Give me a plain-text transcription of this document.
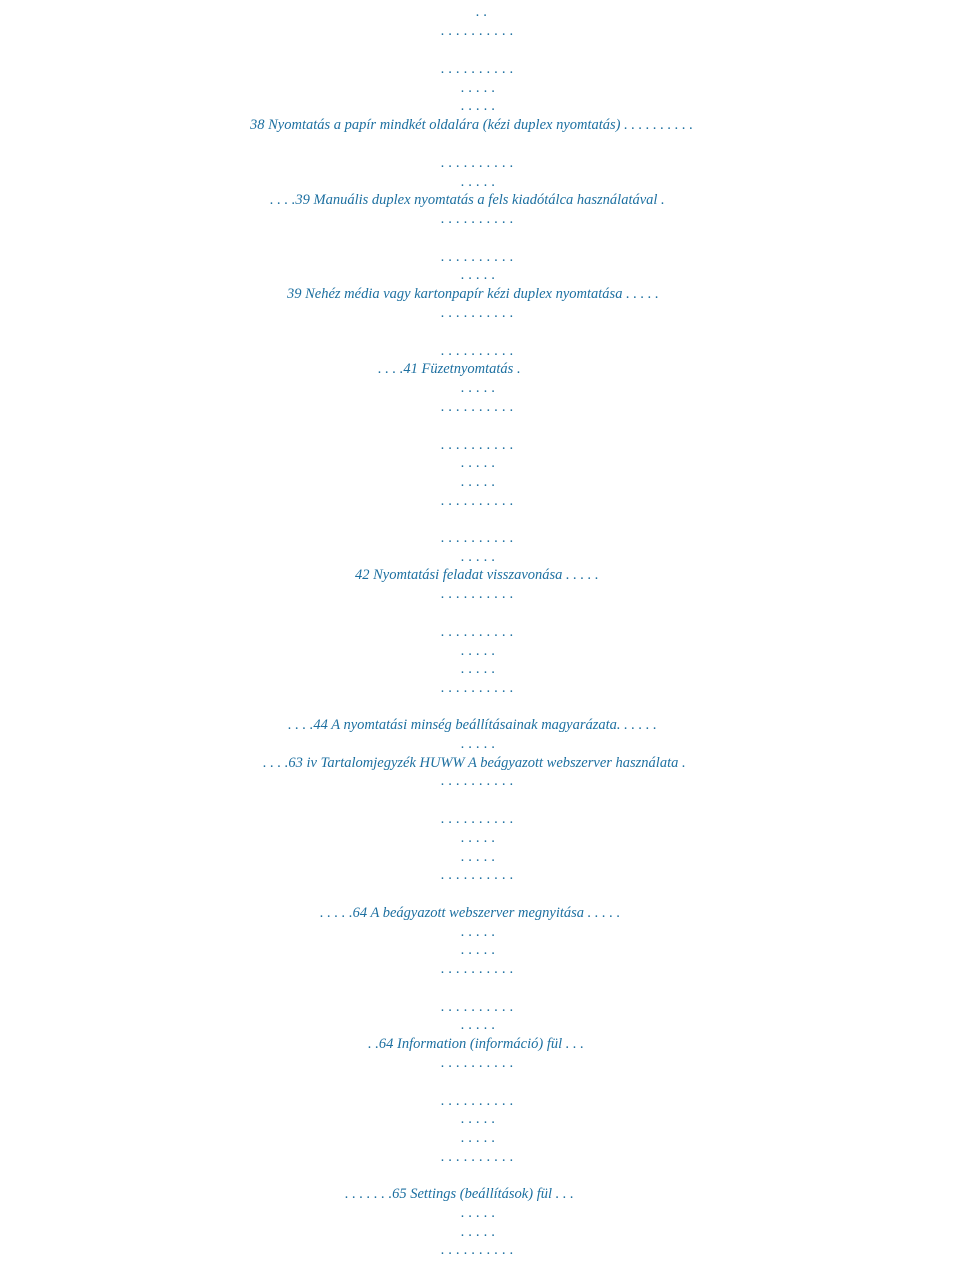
. .
. . . . . . . . . .
. . . . . . . . . .
. . . . .
. . . . .
38 Nyomtatás a papír mindkét oldalára (kézi duplex nyomtatás) . . . . . . . . . .
. . . . . . . . . .
. . . . .
. . . .39 Manuális duplex nyomtatás a fels kiadótálca használatával .
. . . . . . . . . .
. . . . . . . . . .
. . . . .
39 Nehéz média vagy kartonpapír kézi duplex nyomtatása . . . . .
. . . . . . . . . .
. . . . . . . . . .
. . . .41 Füzetnyomtatás .
. . . . .
. . . . . . . . . .
. . . . . . . . . .
. . . . .
. . . . .
. . . . . . . . . .
. . . . . . . . . .
. . . . .
42 Nyomtatási feladat visszavonása . . . . .
. . . . . . . . . .
. . . . . . . . . .
. . . . .
. . . . .
. . . . . . . . . .
. . . .44 A nyomtatási minség beállításainak magyarázata. . . . . .
. . . . .
. . . .63 iv Tartalomjegyzék HUWW A beágyazott webszerver használata .
. . . . . . . . . .
. . . . . . . . . .
. . . . .
. . . . .
. . . . . . . . . .
. . . . .64 A beágyazott webszerver megnyitása . . . . .
. . . . .
. . . . .
. . . . . . . . . .
. . . . . . . . . .
. . . . .
. .64 Information (információ) fül . . .
. . . . . . . . . .
. . . . . . . . . .
. . . . .
. . . . .
. . . . . . . . . .
. . . . . . .65 Settings (beállítások) fül . . .
. . . . .
. . . . .
. . . . . . . . . .
